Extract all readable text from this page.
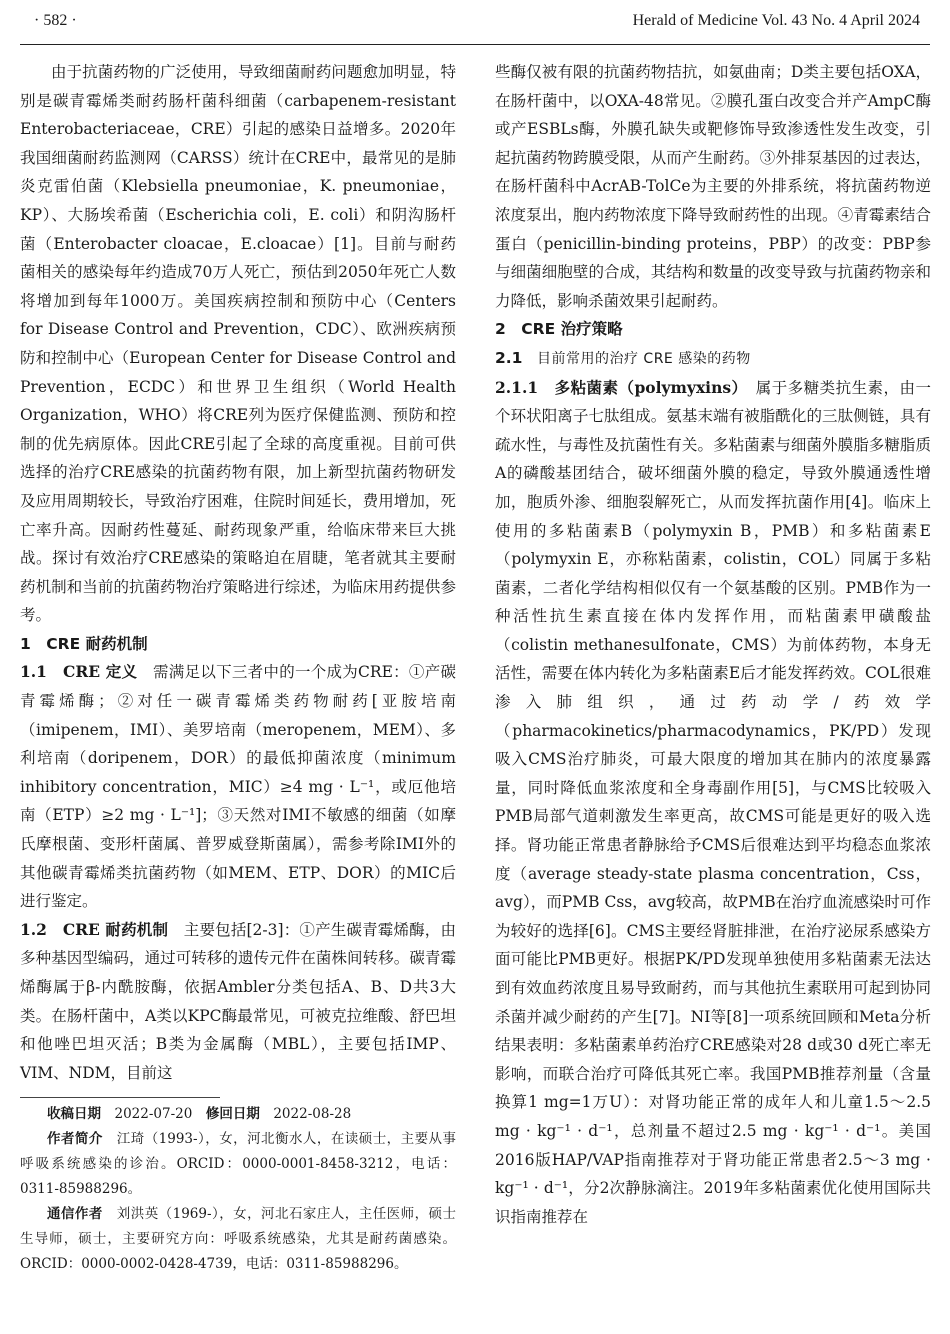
· 582 ·	Herald of Medicine Vol. 43 No. 4 April 2024

由于抗菌药物的广泛使用，导致细菌耐药问题愈加明显，特别是碳青霉烯类耐药肠杆菌科细菌（carbapenem-resistant Enterobacteriaceae，CRE）引起的感染日益增多。2020年我国细菌耐药监测网（CARSS）统计在CRE中，最常见的是肺炎克雷伯菌（Klebsiella pneumoniae，K. pneumoniae，KP）、大肠埃希菌（Escherichia coli，E. coli）和阴沟肠杆菌（Enterobacter cloacae，E.cloacae）[1]。目前与耐药菌相关的感染每年约造成70万人死亡，预估到2050年死亡人数将增加到每年1000万。美国疾病控制和预防中心（Centers for Disease Control and Prevention，CDC）、欧洲疾病预防和控制中心（European Center for Disease Control and Prevention，ECDC）和世界卫生组织（World Health Organization，WHO）将CRE列为医疗保健监测、预防和控制的优先病原体。因此CRE引起了全球的高度重视。目前可供选择的治疗CRE感染的抗菌药物有限，加上新型抗菌药物研发及应用周期较长，导致治疗困难，住院时间延长，费用增加，死亡率升高。因耐药性蔓延、耐药现象严重，给临床带来巨大挑战。探讨有效治疗CRE感染的策略迫在眉睫，笔者就其主要耐药机制和当前的抗菌药物治疗策略进行综述，为临床用药提供参考。

1　CRE 耐药机制

1.1　CRE 定义　需满足以下三者中的一个成为CRE：①产碳青霉烯酶；②对任一碳青霉烯类药物耐药[亚胺培南（imipenem，IMI）、美罗培南（meropenem，MEM）、多利培南（doripenem，DOR）的最低抑菌浓度（minimum inhibitory concentration，MIC）≥4 mg · L⁻¹，或厄他培南（ETP）≥2 mg · L⁻¹]；③天然对IMI不敏感的细菌（如摩氏摩根菌、变形杆菌属、普罗威登斯菌属），需参考除IMI外的其他碳青霉烯类抗菌药物（如MEM、ETP、DOR）的MIC后进行鉴定。

1.2　CRE 耐药机制　主要包括[2-3]：①产生碳青霉烯酶，由多种基因型编码，通过可转移的遗传元件在菌株间转移。碳青霉烯酶属于β-内酰胺酶，依据Ambler分类包括A、B、D共3大类。在肠杆菌中，A类以KPC酶最常见，可被克拉维酸、舒巴坦和他唑巴坦灭活；B类为金属酶（MBL），主要包括IMP、VIM、NDM，目前这

收稿日期　2022-07-20　修回日期　2022-08-28

作者简介　江琦（1993-），女，河北衡水人，在读硕士，主要从事呼吸系统感染的诊治。ORCID：0000-0001-8458-3212，电话：0311-85988296。

通信作者　刘洪英（1969-），女，河北石家庄人，主任医师，硕士生导师，硕士，主要研究方向：呼吸系统感染，尤其是耐药菌感染。ORCID：0000-0002-0428-4739，电话：0311-85988296。

些酶仅被有限的抗菌药物拮抗，如氨曲南；D类主要包括OXA，在肠杆菌中，以OXA-48常见。②膜孔蛋白改变合并产AmpC酶或产ESBLs酶，外膜孔缺失或靶修饰导致渗透性发生改变，引起抗菌药物跨膜受限，从而产生耐药。③外排泵基因的过表达，在肠杆菌科中AcrAB-TolCe为主要的外排系统，将抗菌药物逆浓度泵出，胞内药物浓度下降导致耐药性的出现。④青霉素结合蛋白（penicillin-binding proteins，PBP）的改变：PBP参与细菌细胞壁的合成，其结构和数量的改变导致与抗菌药物亲和力降低，影响杀菌效果引起耐药。

2　CRE 治疗策略

2.1　目前常用的治疗 CRE 感染的药物

2.1.1　多粘菌素（polymyxins）　属于多糖类抗生素，由一个环状阳离子七肽组成。氨基末端有被脂酰化的三肽侧链，具有疏水性，与毒性及抗菌性有关。多粘菌素与细菌外膜脂多糖脂质A的磷酸基团结合，破坏细菌外膜的稳定，导致外膜通透性增加，胞质外渗、细胞裂解死亡，从而发挥抗菌作用[4]。临床上使用的多粘菌素B（polymyxin B，PMB）和多粘菌素E（polymyxin E，亦称粘菌素，colistin，COL）同属于多粘菌素，二者化学结构相似仅有一个氨基酸的区别。PMB作为一种活性抗生素直接在体内发挥作用，而粘菌素甲磺酸盐（colistin methanesulfonate，CMS）为前体药物，本身无活性，需要在体内转化为多粘菌素E后才能发挥药效。COL很难渗入肺组织，通过药动学/药效学（pharmacokinetics/pharmacodynamics，PK/PD）发现吸入CMS治疗肺炎，可最大限度的增加其在肺内的浓度暴露量，同时降低血浆浓度和全身毒副作用[5]，与CMS比较吸入PMB局部气道刺激发生率更高，故CMS可能是更好的吸入选择。肾功能正常患者静脉给予CMS后很难达到平均稳态血浆浓度（average steady-state plasma concentration，Css，avg），而PMB Css，avg较高，故PMB在治疗血流感染时可作为较好的选择[6]。CMS主要经肾脏排泄，在治疗泌尿系感染方面可能比PMB更好。根据PK/PD发现单独使用多粘菌素无法达到有效血药浓度且易导致耐药，而与其他抗生素联用可起到协同杀菌并减少耐药的产生[7]。NI等[8]一项系统回顾和Meta分析结果表明：多粘菌素单药治疗CRE感染对28 d或30 d死亡率无影响，而联合治疗可降低其死亡率。我国PMB推荐剂量（含量换算1 mg=1万U）：对肾功能正常的成年人和儿童1.5～2.5 mg · kg⁻¹ · d⁻¹，总剂量不超过2.5 mg · kg⁻¹ · d⁻¹。美国2016版HAP/VAP指南推荐对于肾功能正常患者2.5～3 mg · kg⁻¹ · d⁻¹，分2次静脉滴注。2019年多粘菌素优化使用国际共识指南推荐在
